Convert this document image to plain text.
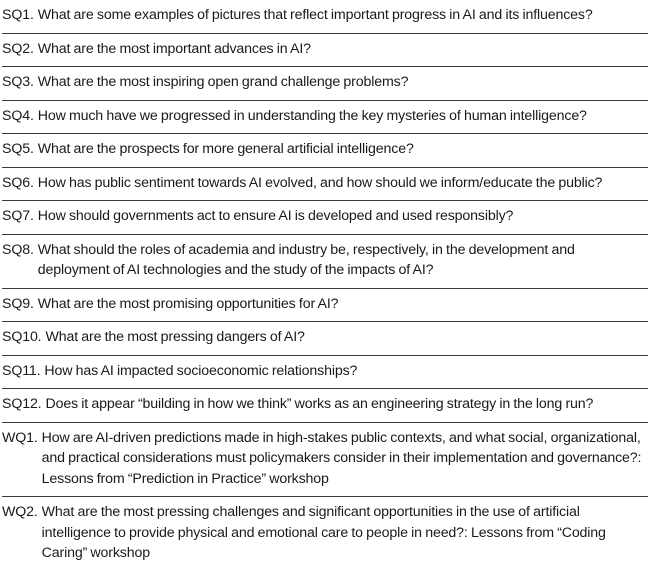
SQ1. What are some examples of pictures that reflect important progress in AI and its influences?
SQ2. What are the most important advances in AI?
SQ3. What are the most inspiring open grand challenge problems?
SQ4. How much have we progressed in understanding the key mysteries of human intelligence?
SQ5. What are the prospects for more general artificial intelligence?
SQ6. How has public sentiment towards AI evolved, and how should we inform/educate the public?
SQ7. How should governments act to ensure AI is developed and used responsibly?
SQ8. What should the roles of academia and industry be, respectively, in the development and deployment of AI technologies and the study of the impacts of AI?
SQ9. What are the most promising opportunities for AI?
SQ10. What are the most pressing dangers of AI?
SQ11. How has AI impacted socioeconomic relationships?
SQ12. Does it appear “building in how we think” works as an engineering strategy in the long run?
WQ1. How are AI-driven predictions made in high-stakes public contexts, and what social, organizational, and practical considerations must policymakers consider in their implementation and governance?: Lessons from “Prediction in Practice” workshop
WQ2. What are the most pressing challenges and significant opportunities in the use of artificial intelligence to provide physical and emotional care to people in need?: Lessons from “Coding Caring” workshop
